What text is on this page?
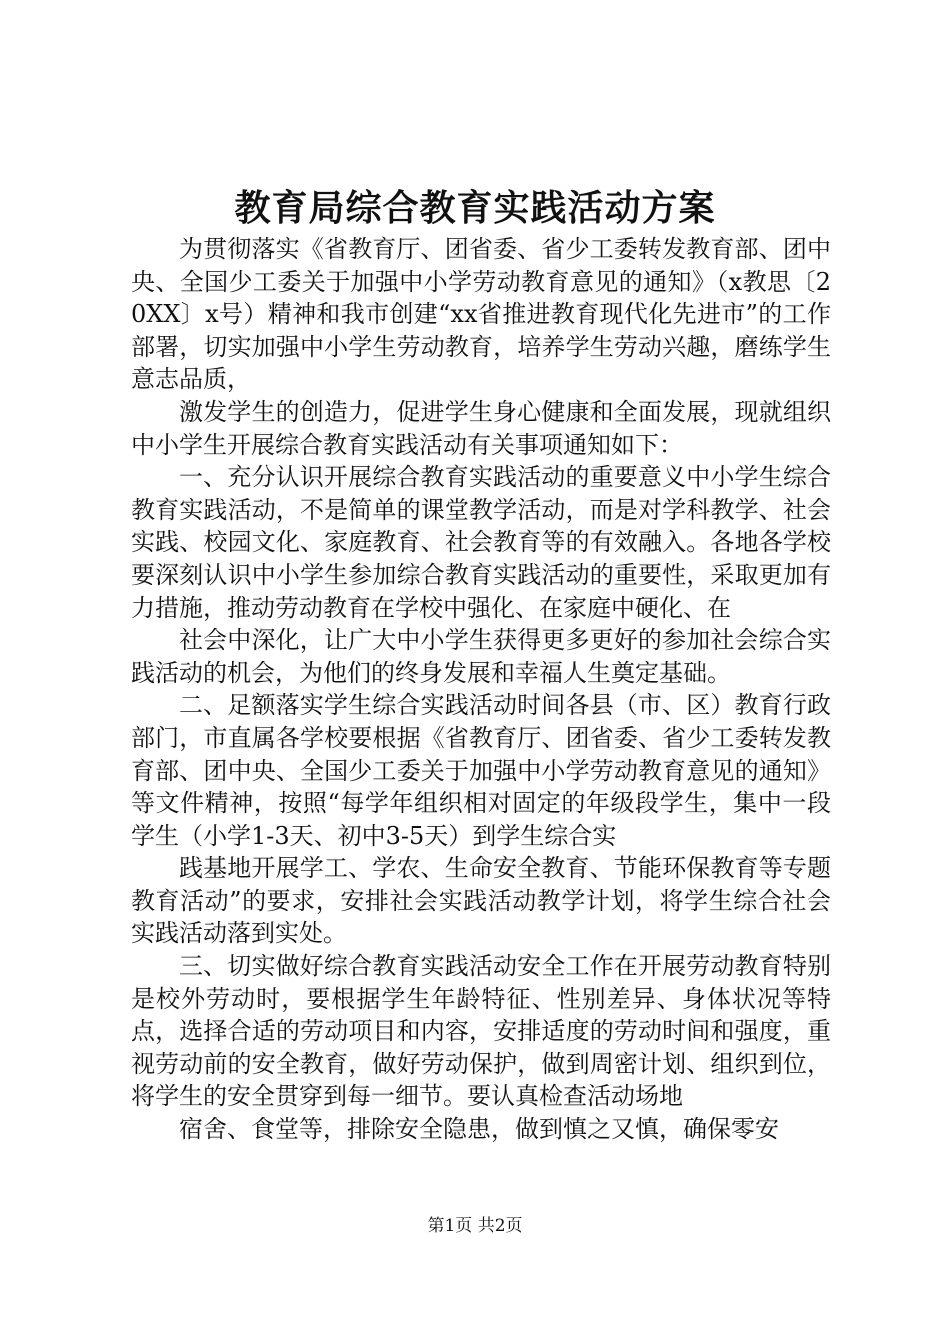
教育局综合教育实践活动方案

为贯彻落实《省教育厅、团省委、省少工委转发教育部、团中央、全国少工委关于加强中小学劳动教育意见的通知》（x教思〔20XX〕x号）精神和我市创建“xx省推进教育现代化先进市”的工作部署，切实加强中小学生劳动教育，培养学生劳动兴趣，磨练学生意志品质，

激发学生的创造力，促进学生身心健康和全面发展，现就组织中小学生开展综合教育实践活动有关事项通知如下：

一、充分认识开展综合教育实践活动的重要意义中小学生综合教育实践活动，不是简单的课堂教学活动，而是对学科教学、社会实践、校园文化、家庭教育、社会教育等的有效融入。各地各学校要深刻认识中小学生参加综合教育实践活动的重要性，采取更加有力措施，推动劳动教育在学校中强化、在家庭中硬化、在

社会中深化，让广大中小学生获得更多更好的参加社会综合实践活动的机会，为他们的终身发展和幸福人生奠定基础。

二、足额落实学生综合实践活动时间各县（市、区）教育行政部门，市直属各学校要根据《省教育厅、团省委、省少工委转发教育部、团中央、全国少工委关于加强中小学劳动教育意见的通知》等文件精神，按照“每学年组织相对固定的年级段学生，集中一段学生（小学1-3天、初中3-5天）到学生综合实

践基地开展学工、学农、生命安全教育、节能环保教育等专题教育活动”的要求，安排社会实践活动教学计划，将学生综合社会实践活动落到实处。

三、切实做好综合教育实践活动安全工作在开展劳动教育特别是校外劳动时，要根据学生年龄特征、性别差异、身体状况等特点，选择合适的劳动项目和内容，安排适度的劳动时间和强度，重视劳动前的安全教育，做好劳动保护，做到周密计划、组织到位，将学生的安全贯穿到每一细节。要认真检查活动场地

宿舍、食堂等，排除安全隐患，做到慎之又慎，确保零安

第1页 共2页
